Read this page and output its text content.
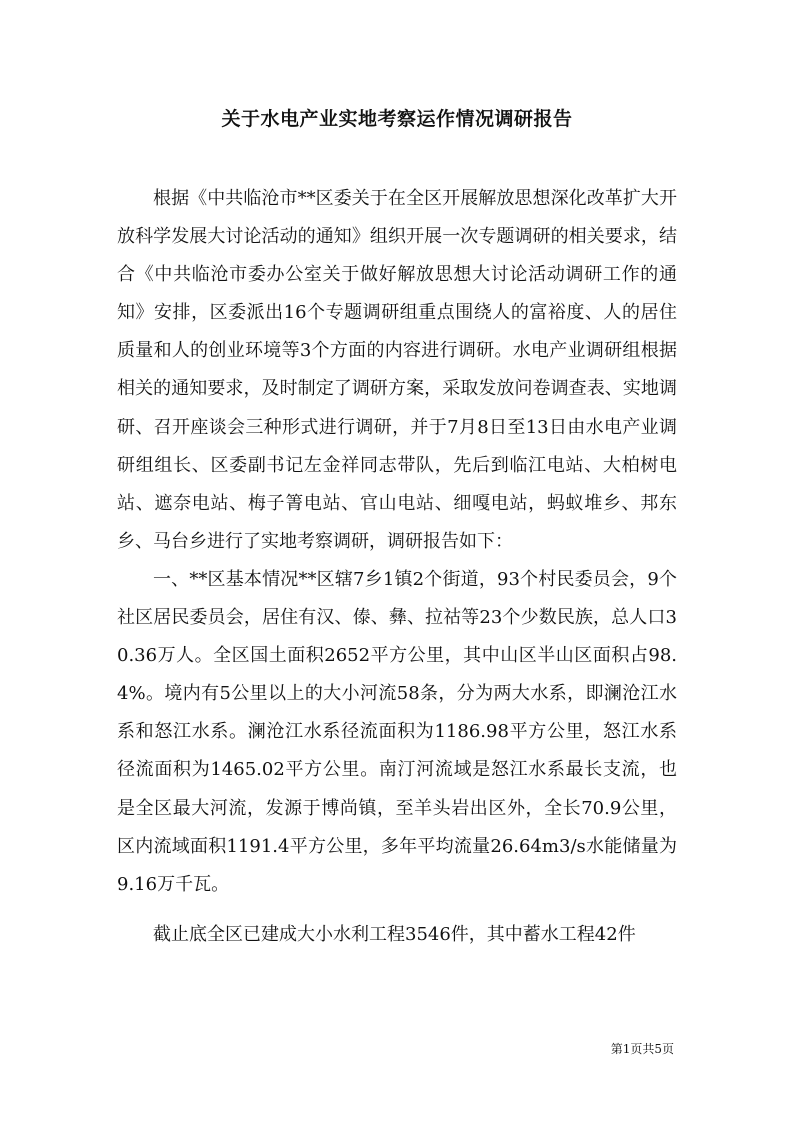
关于水电产业实地考察运作情况调研报告

根据《中共临沧市**区委关于在全区开展解放思想深化改革扩大开放科学发展大讨论活动的通知》组织开展一次专题调研的相关要求，结合《中共临沧市委办公室关于做好解放思想大讨论活动调研工作的通知》安排，区委派出16个专题调研组重点围绕人的富裕度、人的居住质量和人的创业环境等3个方面的内容进行调研。水电产业调研组根据相关的通知要求，及时制定了调研方案，采取发放问卷调查表、实地调研、召开座谈会三种形式进行调研，并于7月8日至13日由水电产业调研组组长、区委副书记左金祥同志带队，先后到临江电站、大柏树电站、遮奈电站、梅子箐电站、官山电站、细嘎电站，蚂蚁堆乡、邦东乡、马台乡进行了实地考察调研，调研报告如下：

一、**区基本情况**区辖7乡1镇2个街道，93个村民委员会，9个社区居民委员会，居住有汉、傣、彝、拉祜等23个少数民族，总人口30.36万人。全区国土面积2652平方公里，其中山区半山区面积占98.4%。境内有5公里以上的大小河流58条，分为两大水系，即澜沧江水系和怒江水系。澜沧江水系径流面积为1186.98平方公里，怒江水系径流面积为1465.02平方公里。南汀河流域是怒江水系最长支流，也是全区最大河流，发源于博尚镇，至羊头岩出区外，全长70.9公里，区内流域面积1191.4平方公里，多年平均流量26.64m3/s水能储量为9.16万千瓦。

截止底全区已建成大小水利工程3546件，其中蓄水工程42件

第1页共5页
